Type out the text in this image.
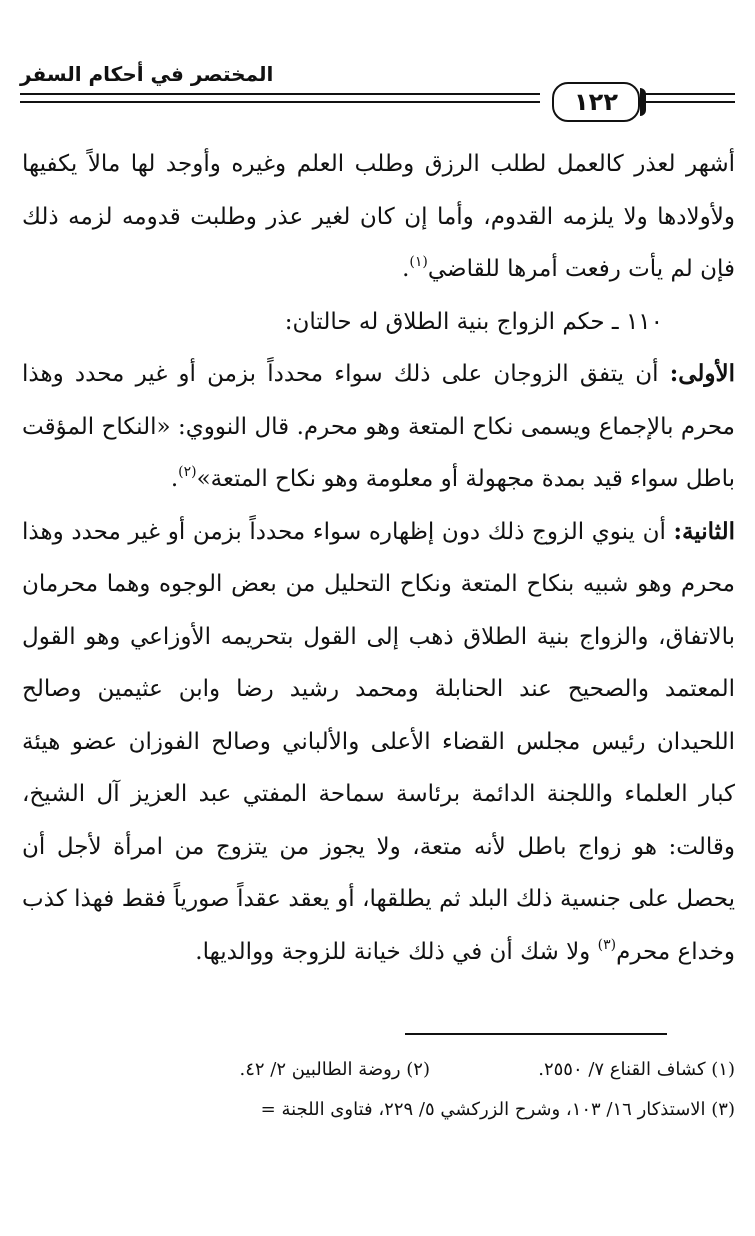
المختصر في أحكام السفر
١٢٢

أشهر لعذر كالعمل لطلب الرزق وطلب العلم وغيره وأوجد لها مالاً يكفيها ولأولادها ولا يلزمه القدوم، وأما إن كان لغير عذر وطلبت قدومه لزمه ذلك فإن لم يأت رفعت أمرها للقاضي$^{(١)}$.

١١٠ ـ حكم الزواج بنية الطلاق له حالتان:

الأولى: أن يتفق الزوجان على ذلك سواء محدداً بزمن أو غير محدد وهذا محرم بالإجماع ويسمى نكاح المتعة وهو محرم. قال النووي: «النكاح المؤقت باطل سواء قيد بمدة مجهولة أو معلومة وهو نكاح المتعة»$^{(٢)}$.

الثانية: أن ينوي الزوج ذلك دون إظهاره سواء محدداً بزمن أو غير محدد وهذا محرم وهو شبيه بنكاح المتعة ونكاح التحليل من بعض الوجوه وهما محرمان بالاتفاق، والزواج بنية الطلاق ذهب إلى القول بتحريمه الأوزاعي وهو القول المعتمد والصحيح عند الحنابلة ومحمد رشيد رضا وابن عثيمين وصالح اللحيدان رئيس مجلس القضاء الأعلى والألباني وصالح الفوزان عضو هيئة كبار العلماء واللجنة الدائمة برئاسة سماحة المفتي عبد العزيز آل الشيخ، وقالت: هو زواج باطل لأنه متعة، ولا يجوز من يتزوج من امرأة لأجل أن يحصل على جنسية ذلك البلد ثم يطلقها، أو يعقد عقداً صورياً فقط فهذا كذب وخداع محرم$^{(٣)}$ ولا شك أن في ذلك خيانة للزوجة ووالديها.

(١) كشاف القناع ٧/ ٢٥٥٠.
(٢) روضة الطالبين ٢/ ٤٢.
(٣) الاستذكار ١٦/ ١٠٣، وشرح الزركشي ٥/ ٢٢٩، فتاوى اللجنة =
